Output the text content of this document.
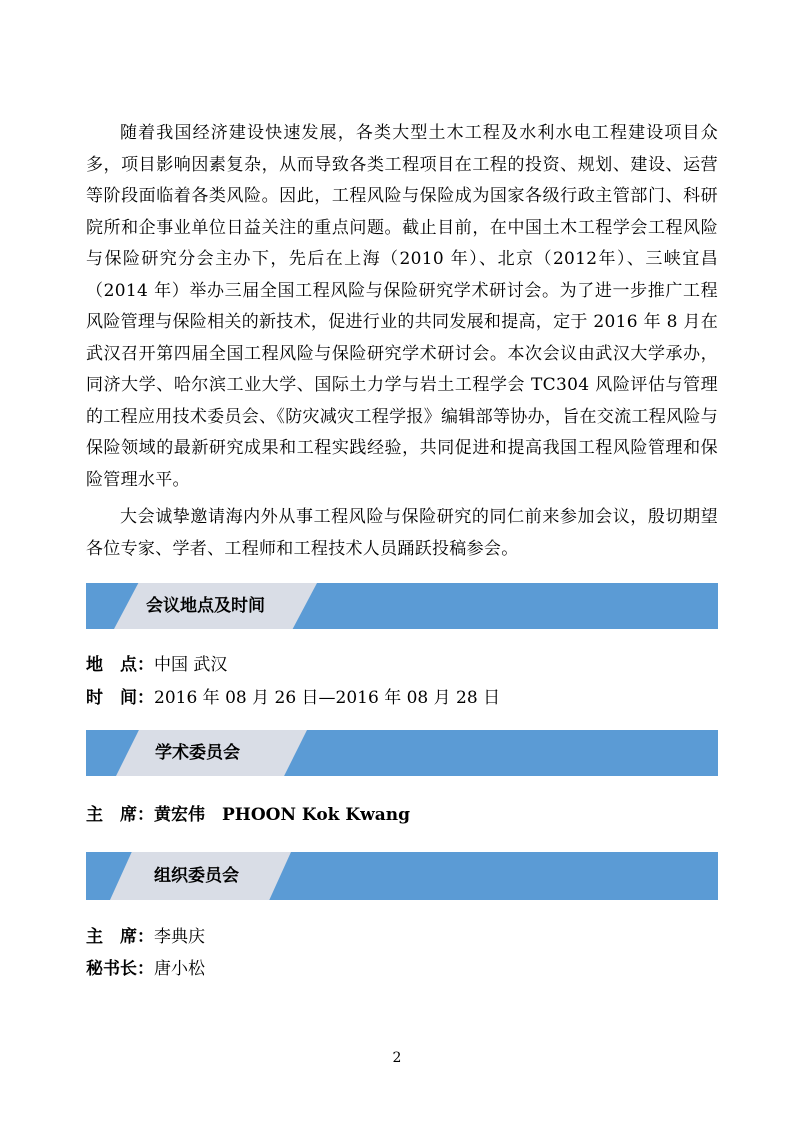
随着我国经济建设快速发展，各类大型土木工程及水利水电工程建设项目众多，项目影响因素复杂，从而导致各类工程项目在工程的投资、规划、建设、运营等阶段面临着各类风险。因此，工程风险与保险成为国家各级行政主管部门、科研院所和企事业单位日益关注的重点问题。截止目前，在中国土木工程学会工程风险与保险研究分会主办下，先后在上海（2010 年）、北京（2012年）、三峡宜昌（2014 年）举办三届全国工程风险与保险研究学术研讨会。为了进一步推广工程风险管理与保险相关的新技术，促进行业的共同发展和提高，定于 2016 年 8 月在武汉召开第四届全国工程风险与保险研究学术研讨会。本次会议由武汉大学承办，同济大学、哈尔滨工业大学、国际土力学与岩土工程学会 TC304 风险评估与管理的工程应用技术委员会、《防灾减灾工程学报》编辑部等协办，旨在交流工程风险与保险领域的最新研究成果和工程实践经验，共同促进和提高我国工程风险管理和保险管理水平。

大会诚挚邀请海内外从事工程风险与保险研究的同仁前来参加会议，殷切期望各位专家、学者、工程师和工程技术人员踊跃投稿参会。

会议地点及时间
地　点：中国 武汉
时　间：2016 年 08 月 26 日—2016 年 08 月 28 日
学术委员会
主　席：黄宏伟　PHOON Kok Kwang
组织委员会
主　席：李典庆
秘书长：唐小松
2
